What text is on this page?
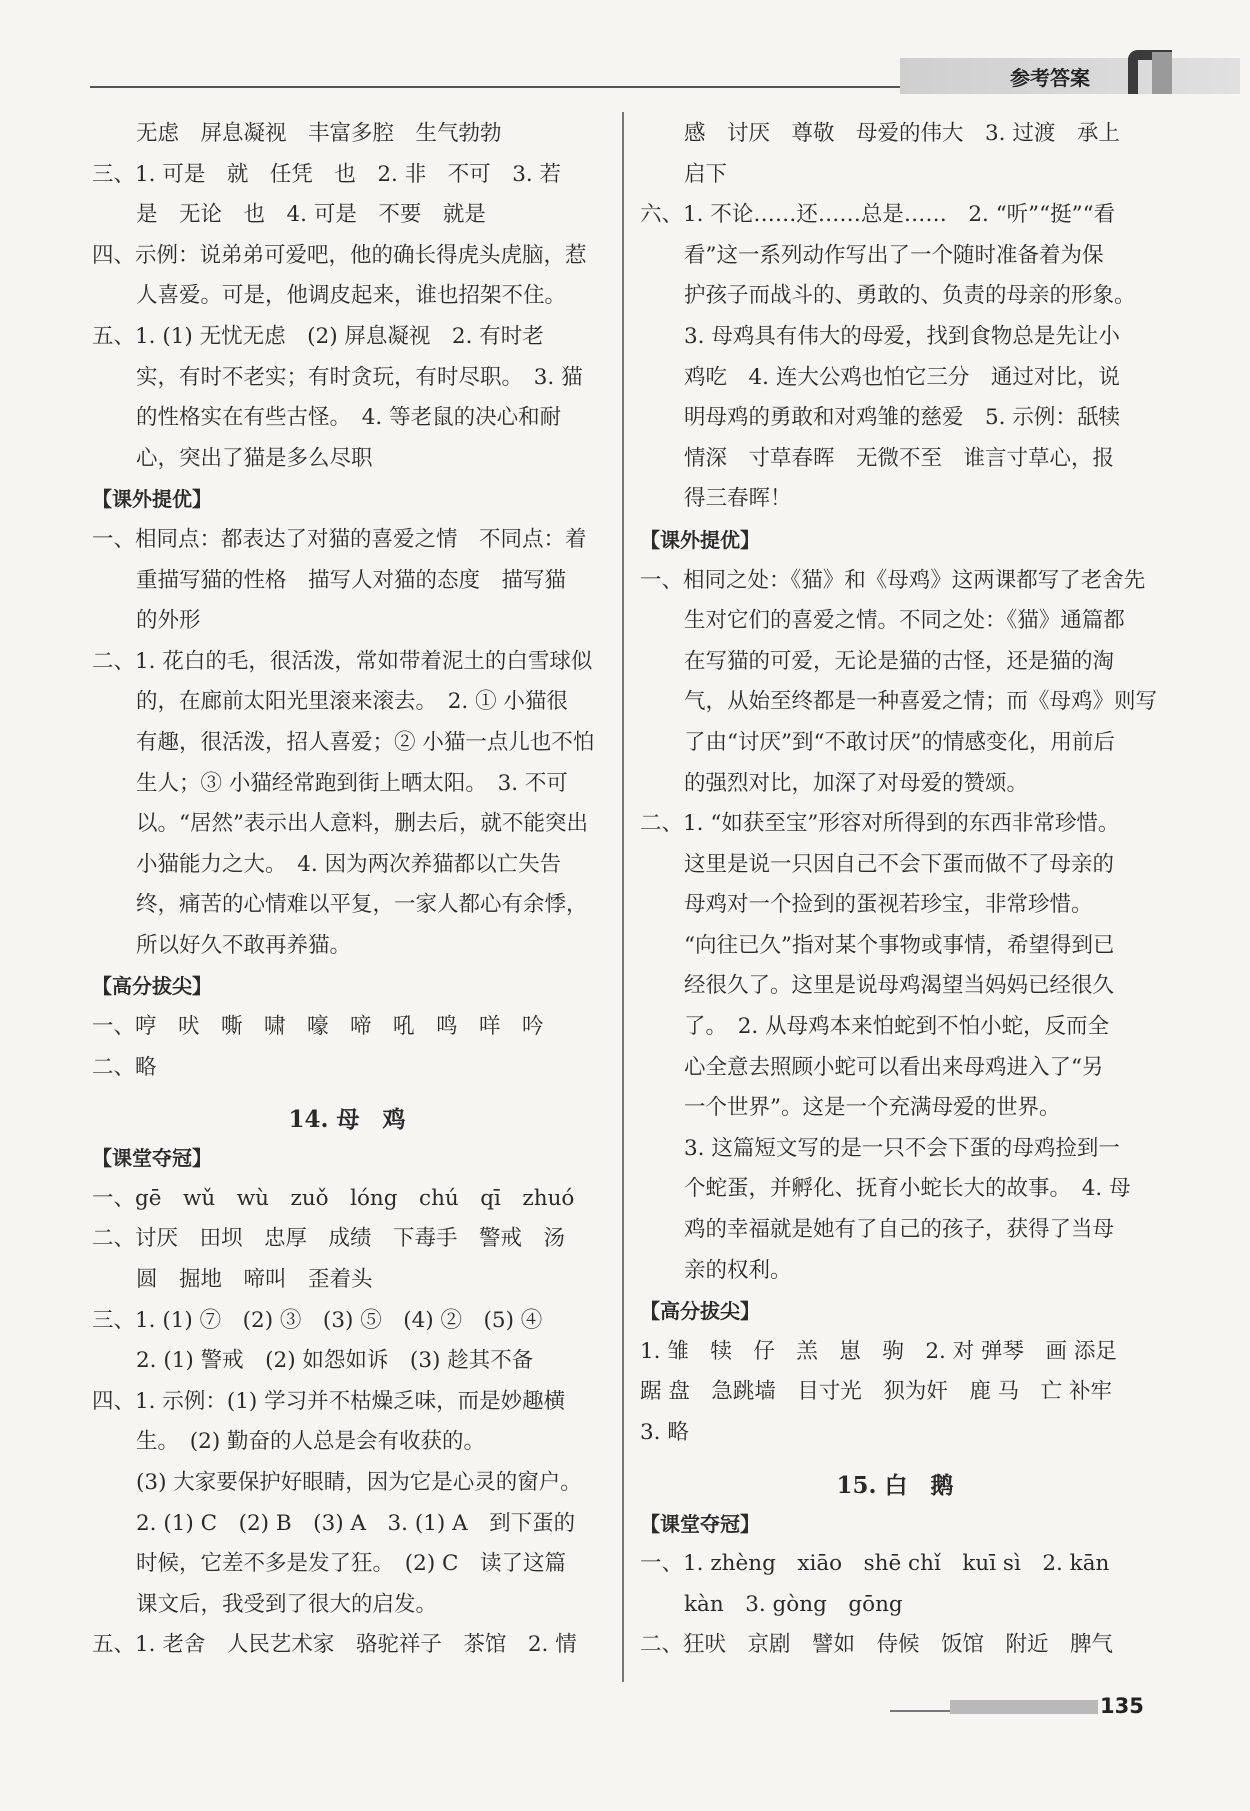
参考答案
无虑　屏息凝视　丰富多腔　生气勃勃
三、1. 可是　就　任凭　也　2. 非　不可　3. 若
是　无论　也　4. 可是　不要　就是
四、示例：说弟弟可爱吧，他的确长得虎头虎脑，惹
人喜爱。可是，他调皮起来，谁也招架不住。
五、1. (1) 无忧无虑　(2) 屏息凝视　2. 有时老
实，有时不老实；有时贪玩，有时尽职。　3. 猫
的性格实在有些古怪。　4. 等老鼠的决心和耐
心，突出了猫是多么尽职
【课外提优】
一、相同点：都表达了对猫的喜爱之情　不同点：着
重描写猫的性格　描写人对猫的态度　描写猫
的外形
二、1. 花白的毛，很活泼，常如带着泥土的白雪球似
的，在廊前太阳光里滚来滚去。　2. ① 小猫很
有趣，很活泼，招人喜爱；② 小猫一点儿也不怕
生人；③ 小猫经常跑到街上晒太阳。　3. 不可
以。“居然”表示出人意料，删去后，就不能突出
小猫能力之大。　4. 因为两次养猫都以亡失告
终，痛苦的心情难以平复，一家人都心有余悸，
所以好久不敢再养猫。
【高分拔尖】
一、哼　吠　嘶　啸　嚎　啼　吼　鸣　咩　吟
二、略
14. 母　鸡
【课堂夺冠】
一、gē　wǔ　wù　zuǒ　lóng　chú　qī　zhuó
二、讨厌　田坝　忠厚　成绩　下毒手　警戒　汤
圆　掘地　啼叫　歪着头
三、1. (1) ⑦　(2) ③　(3) ⑤　(4) ②　(5) ④
2. (1) 警戒　(2) 如怨如诉　(3) 趁其不备
四、1. 示例：(1) 学习并不枯燥乏味，而是妙趣横
生。　(2) 勤奋的人总是会有收获的。
(3) 大家要保护好眼睛，因为它是心灵的窗户。
2. (1) C　(2) B　(3) A　3. (1) A　到下蛋的
时候，它差不多是发了狂。　(2) C　读了这篇
课文后，我受到了很大的启发。
五、1. 老舍　人民艺术家　骆驼祥子　茶馆　2. 情
感　讨厌　尊敬　母爱的伟大　3. 过渡　承上
启下
六、1. 不论……还……总是……　2. “听”“挺”“看
看”这一系列动作写出了一个随时准备着为保
护孩子而战斗的、勇敢的、负责的母亲的形象。
3. 母鸡具有伟大的母爱，找到食物总是先让小
鸡吃　4. 连大公鸡也怕它三分　通过对比，说
明母鸡的勇敢和对鸡雏的慈爱　5. 示例：舐犊
情深　寸草春晖　无微不至　谁言寸草心，报
得三春晖！
【课外提优】
一、相同之处：《猫》和《母鸡》这两课都写了老舍先
生对它们的喜爱之情。不同之处：《猫》通篇都
在写猫的可爱，无论是猫的古怪，还是猫的淘
气，从始至终都是一种喜爱之情；而《母鸡》则写
了由“讨厌”到“不敢讨厌”的情感变化，用前后
的强烈对比，加深了对母爱的赞颂。
二、1. “如获至宝”形容对所得到的东西非常珍惜。
这里是说一只因自己不会下蛋而做不了母亲的
母鸡对一个捡到的蛋视若珍宝，非常珍惜。
“向往已久”指对某个事物或事情，希望得到已
经很久了。这里是说母鸡渴望当妈妈已经很久
了。　2. 从母鸡本来怕蛇到不怕小蛇，反而全
心全意去照顾小蛇可以看出来母鸡进入了“另
一个世界”。这是一个充满母爱的世界。
3. 这篇短文写的是一只不会下蛋的母鸡捡到一
个蛇蛋，并孵化、抚育小蛇长大的故事。　4. 母
鸡的幸福就是她有了自己的孩子，获得了当母
亲的权利。
【高分拔尖】
1. 雏　犊　仔　羔　崽　驹　2. 对 弹琴　画 添足
踞 盘　急跳墙　目寸光　狈为奸　鹿 马　亡 补牢
3. 略
15. 白　鹅
【课堂夺冠】
一、1. zhèng　xiāo　shē chǐ　kuī sì　2. kān
kàn　3. gòng　gōng
二、狂吠　京剧　譬如　侍候　饭馆　附近　脾气
135
